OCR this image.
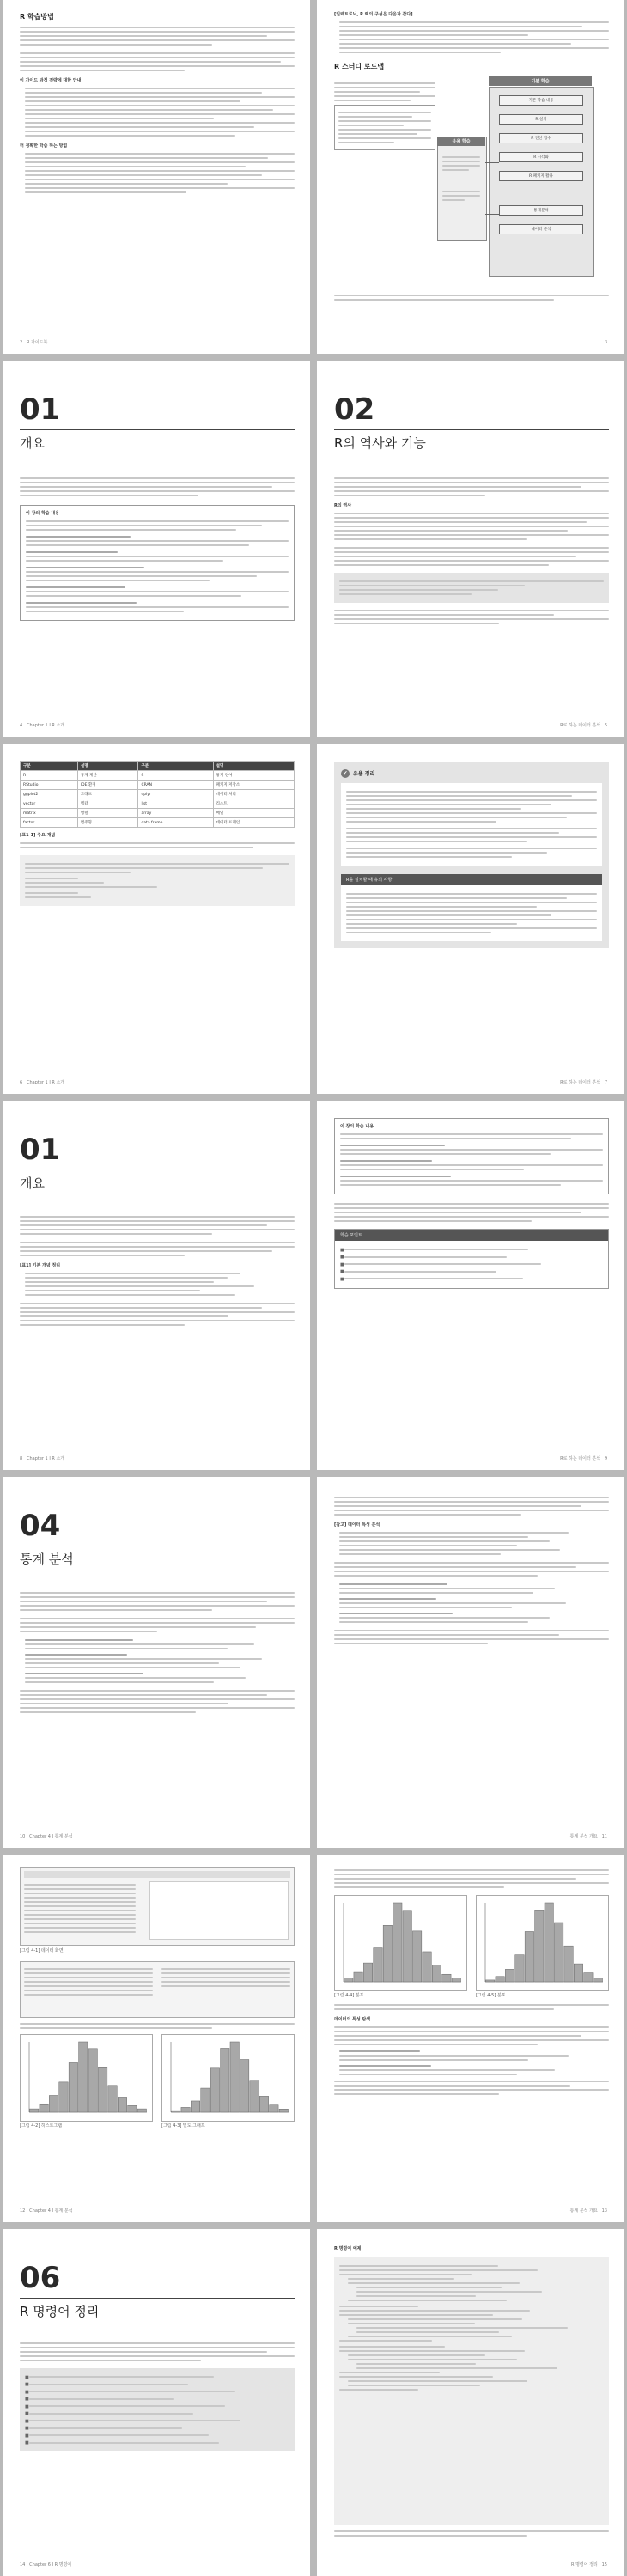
R 학습방법
이 가이드 과정 전략에 대한 안내
더 정확한 학습 하는 방법
2 R 가이드북
[일렉트로닉, R 랙의 구성은 다음과 같다]
R 스터디 로드맵
기본 학습
기본 학습 내용
R 설치
R 연산 함수
R 시각화
R 패키지 활용
통계분석
데이터 분석
응용 학습
3
01
개요
이 장의 학습 내용
4 Chapter 1 I R 소개
02
R의 역사와 기능
R의 역사
R로 하는 데이터 분석 5
구분	설명	구분	설명
R	통계 계산	S	통계 언어
RStudio	IDE 환경	CRAN	패키지 저장소
ggplot2	그래프	dplyr	데이터 처리
vector	벡터	list	리스트
matrix	행렬	array	배열
factor	범주형	data.frame	데이터 프레임
[표1-1] 주요 개념
6 Chapter 1 I R 소개
✔	유용 정리
R을 설치할 때 유의 사항
R로 하는 데이터 분석 7
01
개요
[표1] 기본 개념 정리
8 Chapter 1 I R 소개
이 장의 학습 내용
학습 포인트
■
■
■
■
■
R로 하는 데이터 분석 9
04
통계 분석
10 Chapter 4 I 통계 분석
[참고] 데이터 특성 분석
통계 분석 개요 11
[그림 4-1] 데이터 화면
[그림 4-2] 히스토그램	[그림 4-3] 밀도 그래프
12 Chapter 4 I 통계 분석
[그림 4-4] 분포	[그림 4-5] 분포
데이터의 특성 탐색
통계 분석 개요 13
06
R 명령어 정리
■
■
■
■
■
■
■
■
■
■
14 Chapter 6 I R 명령어
R 명령어 예제
R 명령어 정리 15
